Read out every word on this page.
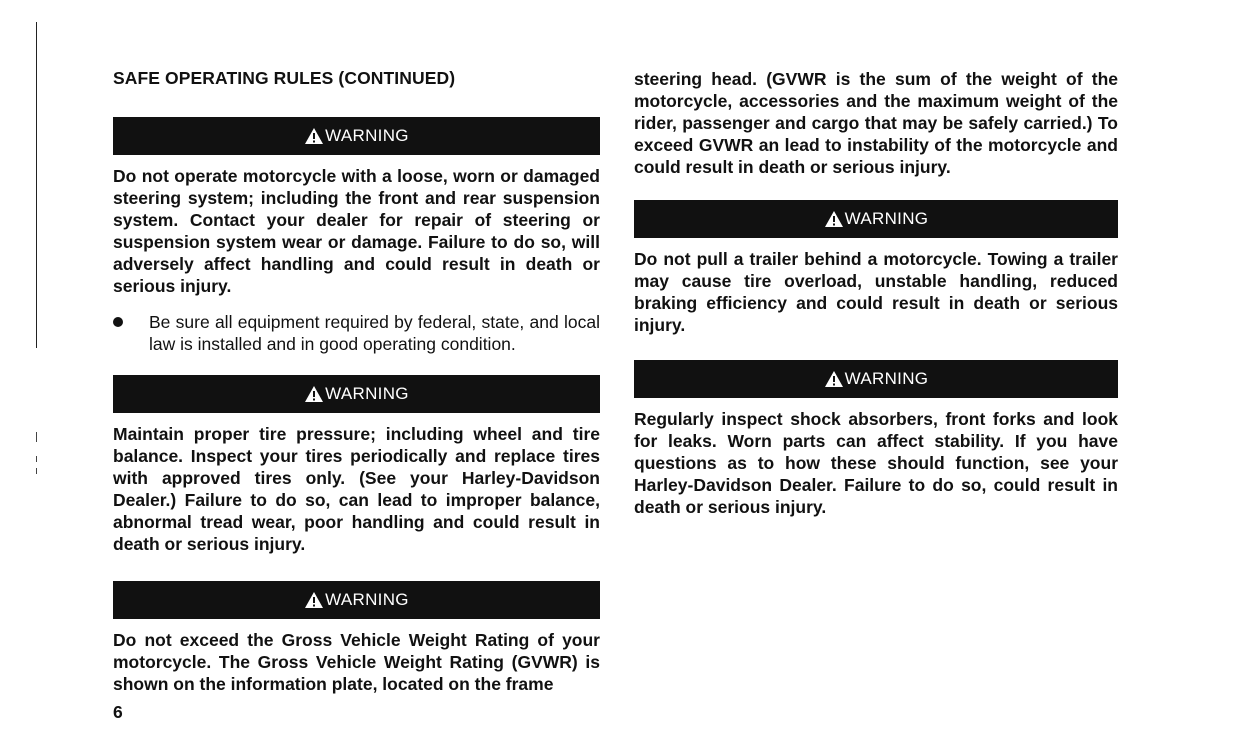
SAFE OPERATING RULES (CONTINUED)
WARNING

Do not operate motorcycle with a loose, worn or damaged steering system; including the front and rear suspension system. Contact your dealer for repair of steering or suspension system wear or damage. Failure to do so, will adversely affect handling and could result in death or serious injury.

Be sure all equipment required by federal, state, and local law is installed and in good operating condition.
WARNING

Maintain proper tire pressure; including wheel and tire balance. Inspect your tires periodically and replace tires with approved tires only. (See your Harley-Davidson Dealer.) Failure to do so, can lead to improper balance, abnormal tread wear, poor handling and could result in death or serious injury.

WARNING

Do not exceed the Gross Vehicle Weight Rating of your motorcycle. The Gross Vehicle Weight Rating (GVWR) is shown on the information plate, located on the frame

steering head. (GVWR is the sum of the weight of the motorcycle, accessories and the maximum weight of the rider, passenger and cargo that may be safely carried.) To exceed GVWR an lead to instability of the motorcycle and could result in death or serious injury.

WARNING

Do not pull a trailer behind a motorcycle. Towing a trailer may cause tire overload, unstable handling, reduced braking efficiency and could result in death or serious injury.

WARNING

Regularly inspect shock absorbers, front forks and look for leaks. Worn parts can affect stability. If you have questions as to how these should function, see your Harley-Davidson Dealer. Failure to do so, could result in death or serious injury.

6
